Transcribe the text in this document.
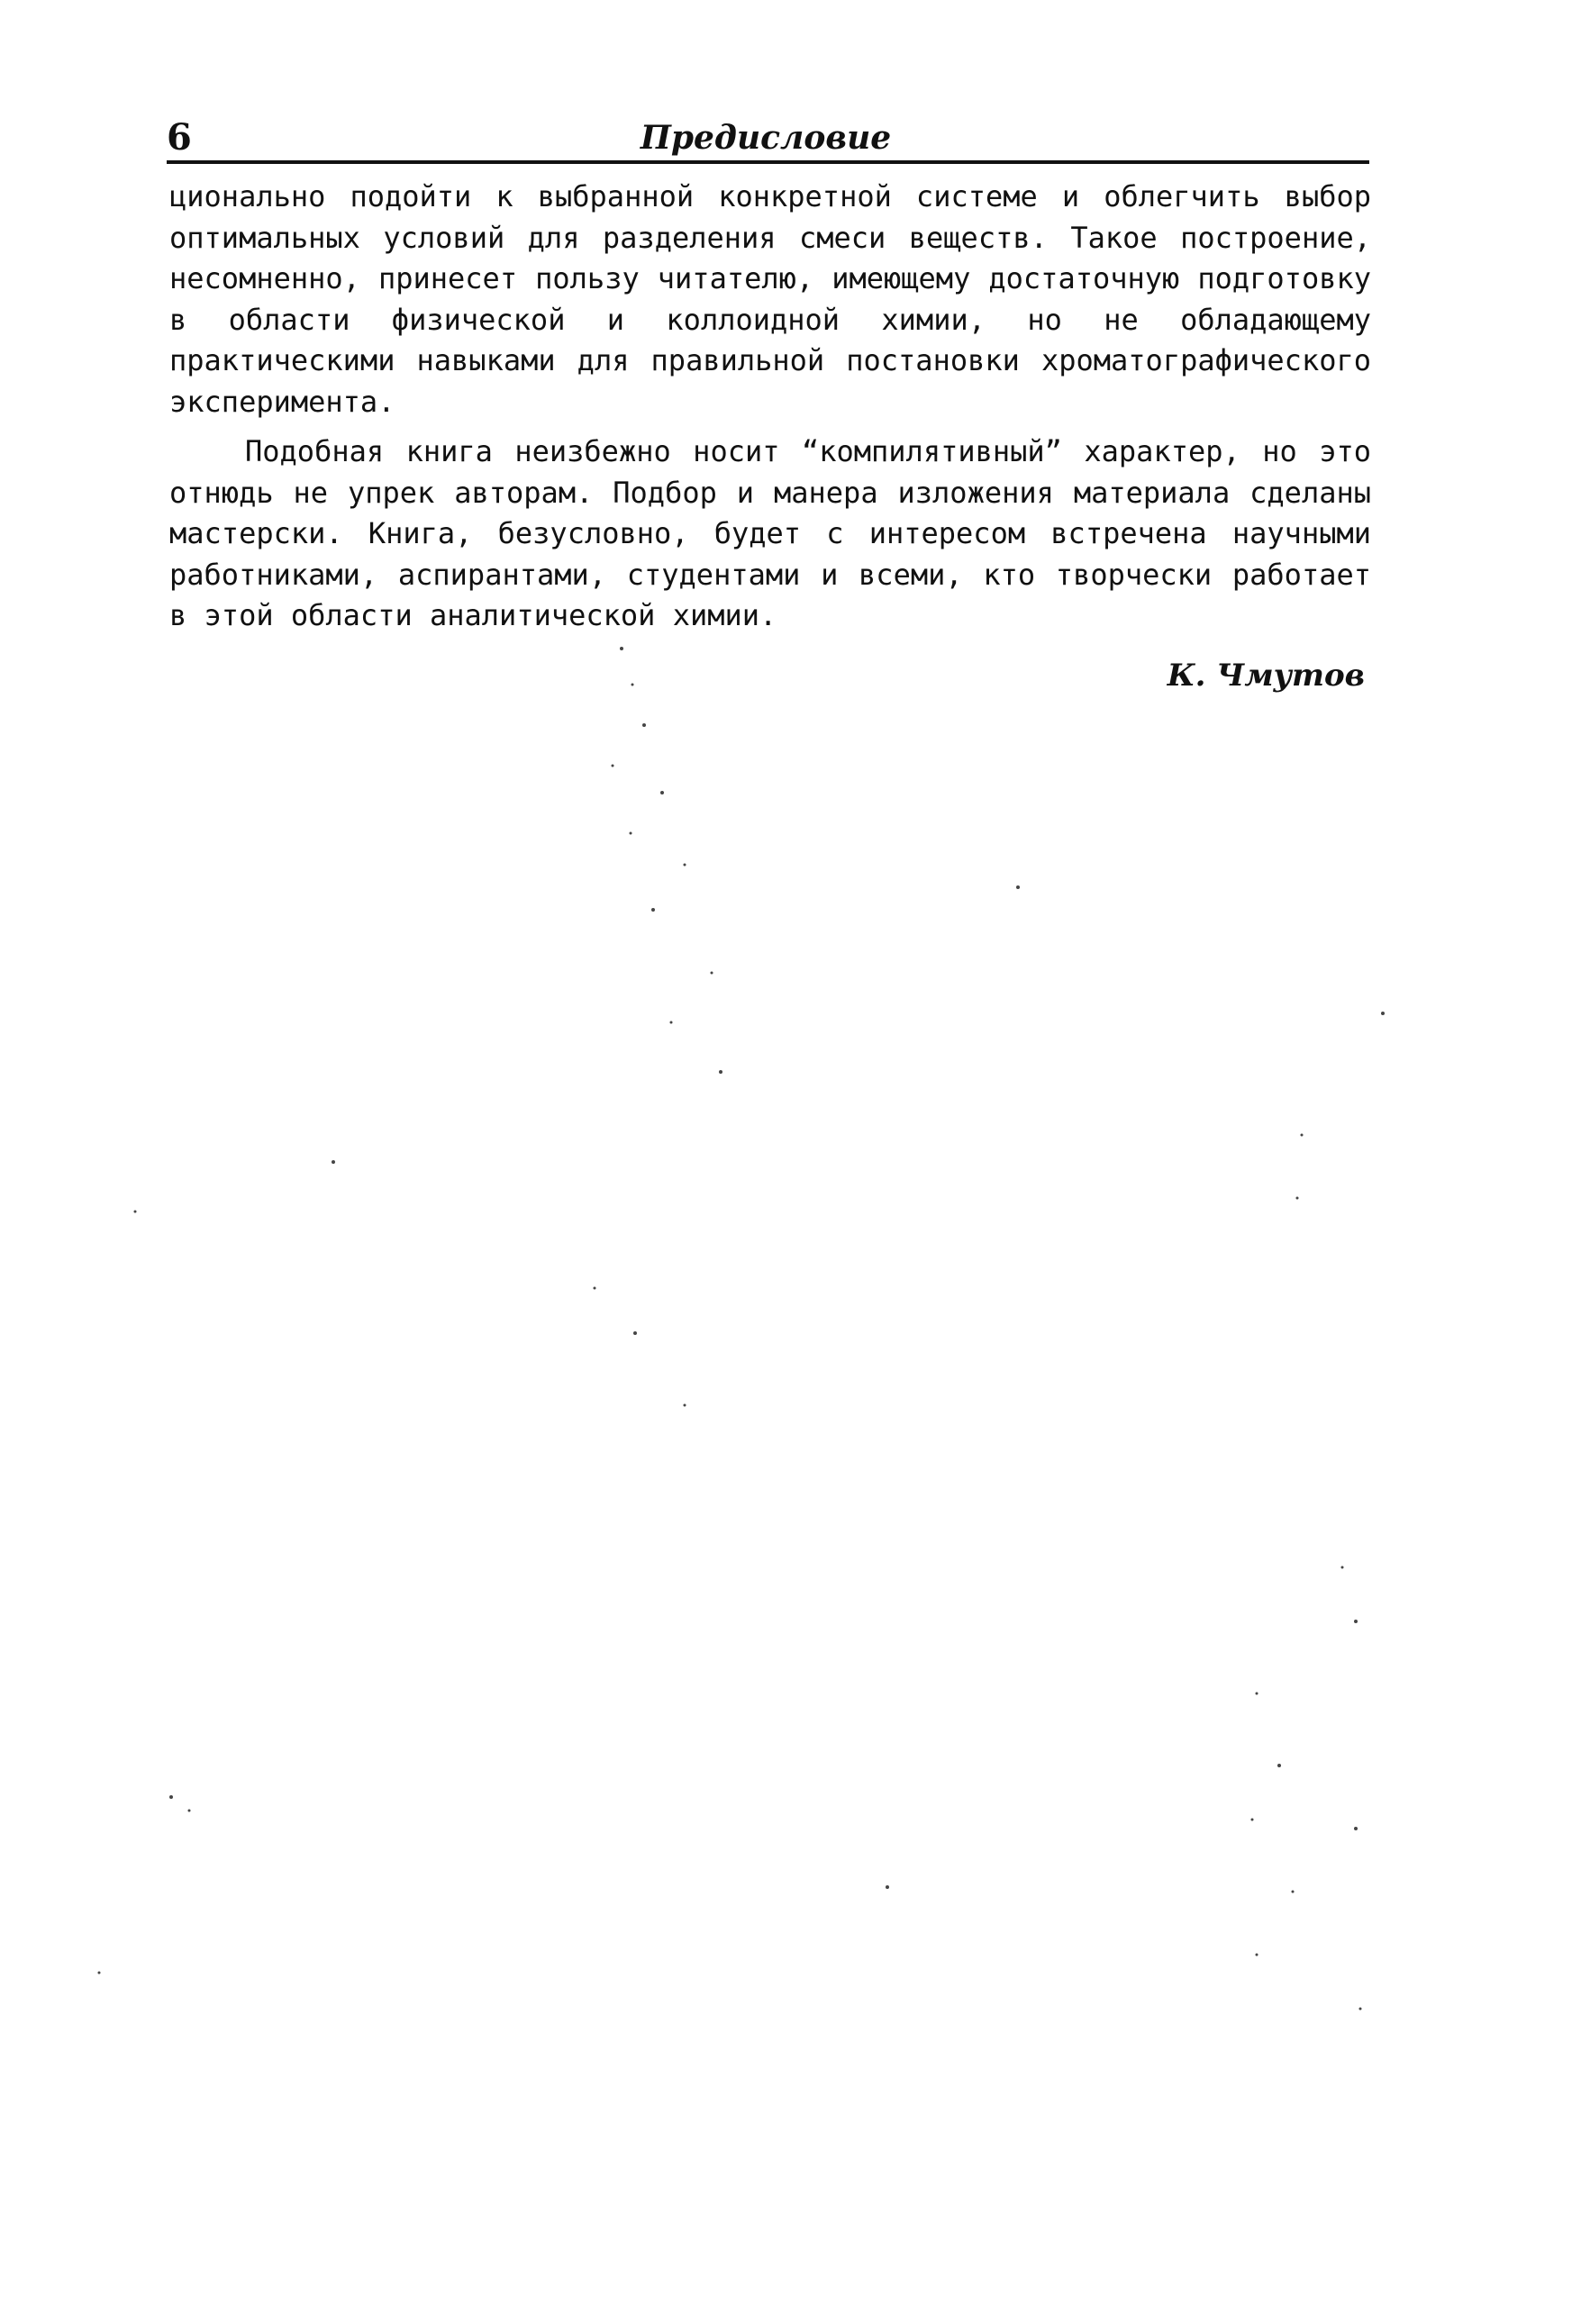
6	Предисловие

ционально подойти к выбранной конкретной системе и облегчить выбор оптимальных условий для разделения смеси веществ. Такое построение, несомненно, принесет пользу читателю, имеющему достаточную подготовку в области физической и коллоидной химии, но не обладающему практическими навыками для правильной постановки хроматографического эксперимента.

Подобная книга неизбежно носит “компилятивный” характер, но это отнюдь не упрек авторам. Подбор и манера изложения материала сделаны мастерски. Книга, безусловно, будет с интересом встречена научными работниками, аспирантами, студентами и всеми, кто творчески работает в этой области аналитической химии.

К. Чмутов
